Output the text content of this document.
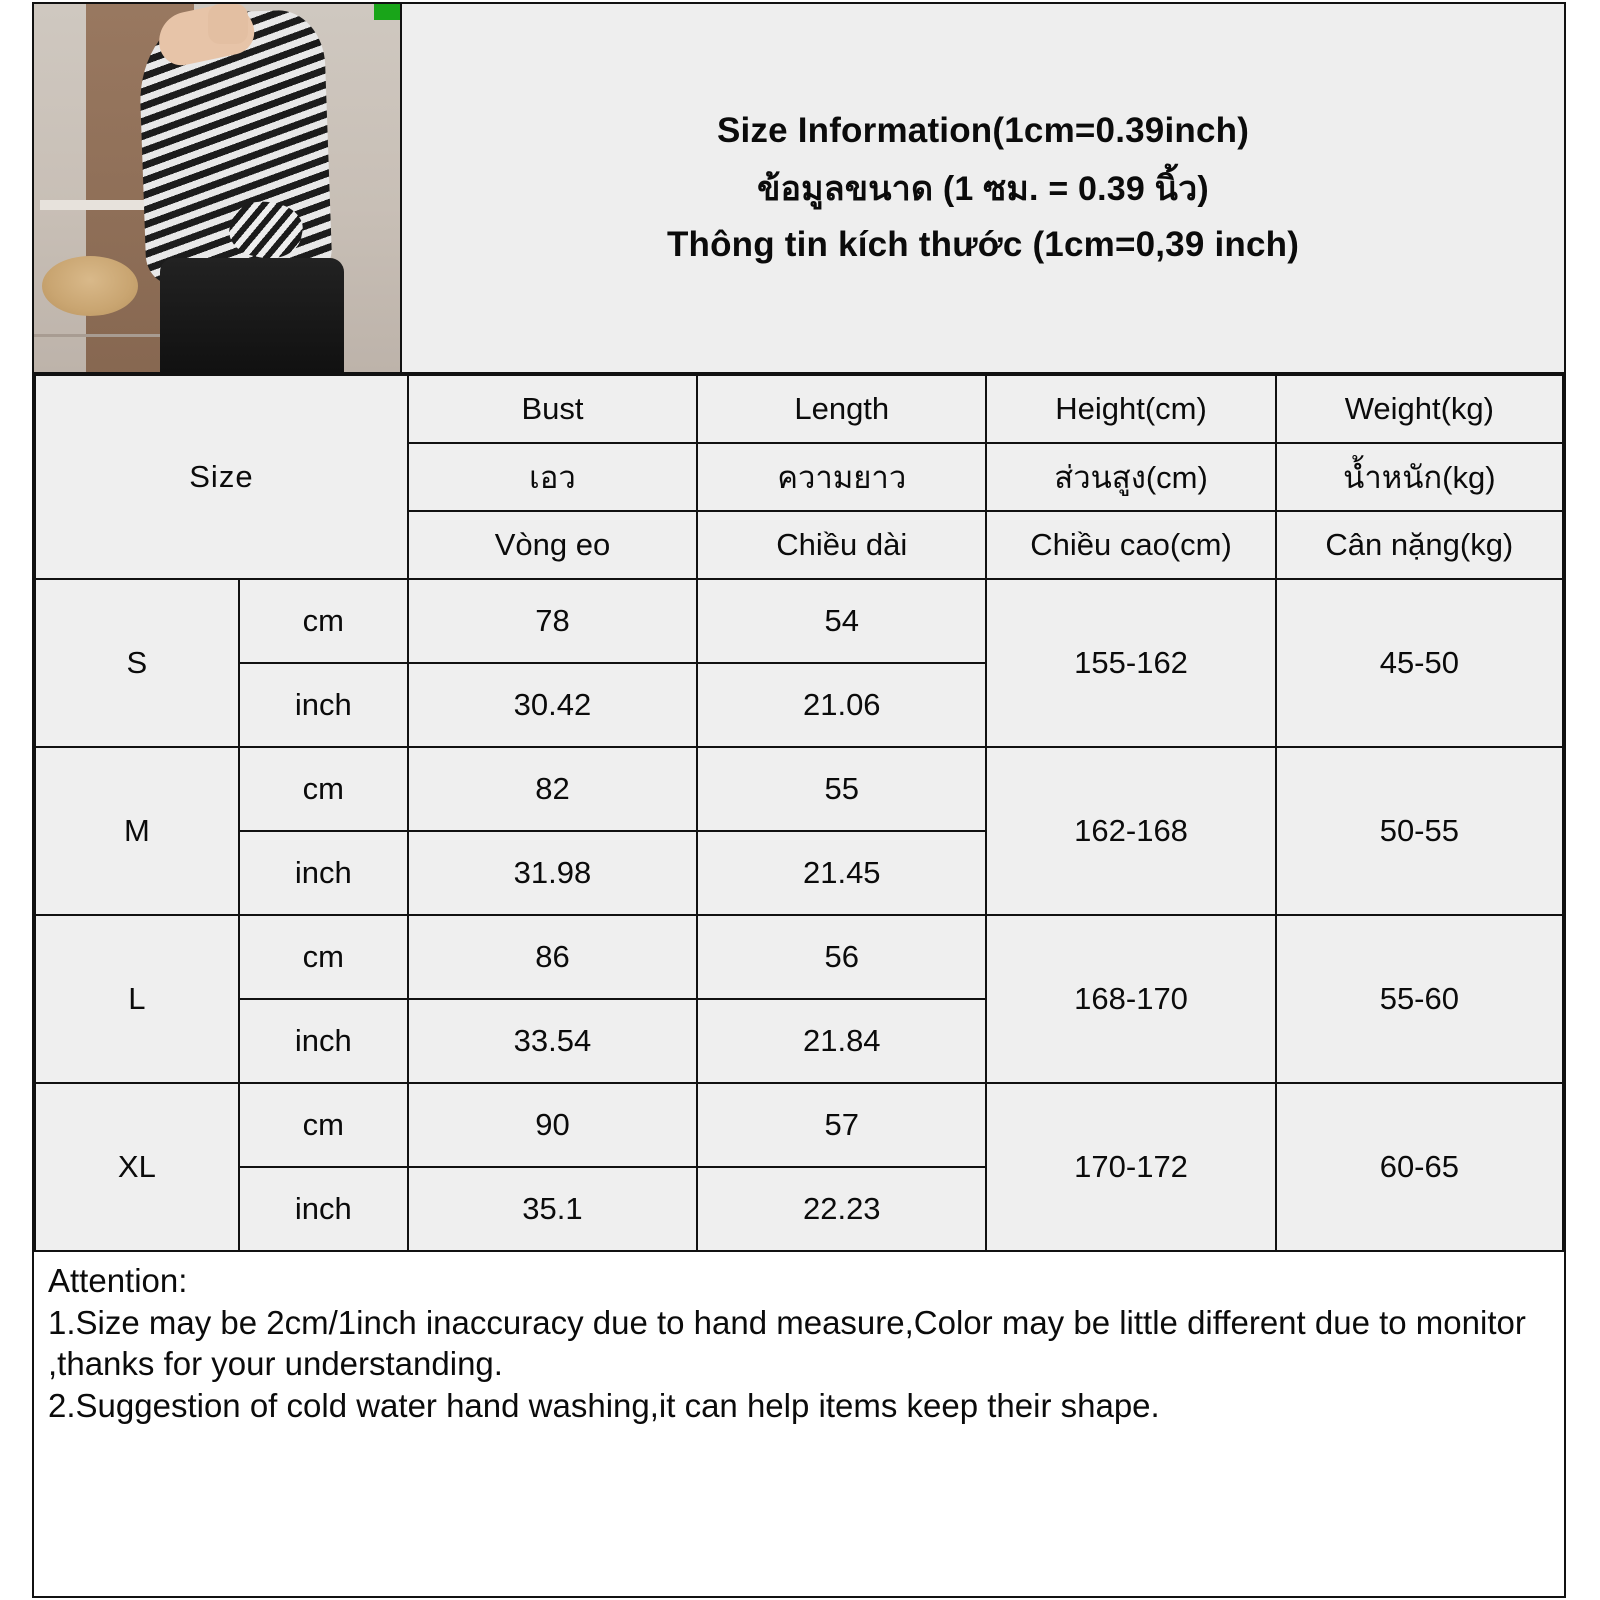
Size Information(1cm=0.39inch)
ข้อมูลขนาด (1 ซม. = 0.39 นิ้ว)
Thông tin kích thước (1cm=0,39 inch)
Size		Bust	Length	Height(cm)	Weight(kg)
		เอว	ความยาว	ส่วนสูง(cm)	น้ำหนัก(kg)
		Vòng eo	Chiều dài	Chiều cao(cm)	Cân nặng(kg)
S	cm	78	54	155-162	45-50
	inch	30.42	21.06		
M	cm	82	55	162-168	50-55
	inch	31.98	21.45		
L	cm	86	56	168-170	55-60
	inch	33.54	21.84		
XL	cm	90	57	170-172	60-65
	inch	35.1	22.23		
Attention:
1.Size may be 2cm/1inch inaccuracy due to hand measure,Color may be little different due to monitor ,thanks for your understanding.
2.Suggestion of cold water hand washing,it can help items keep their shape.
